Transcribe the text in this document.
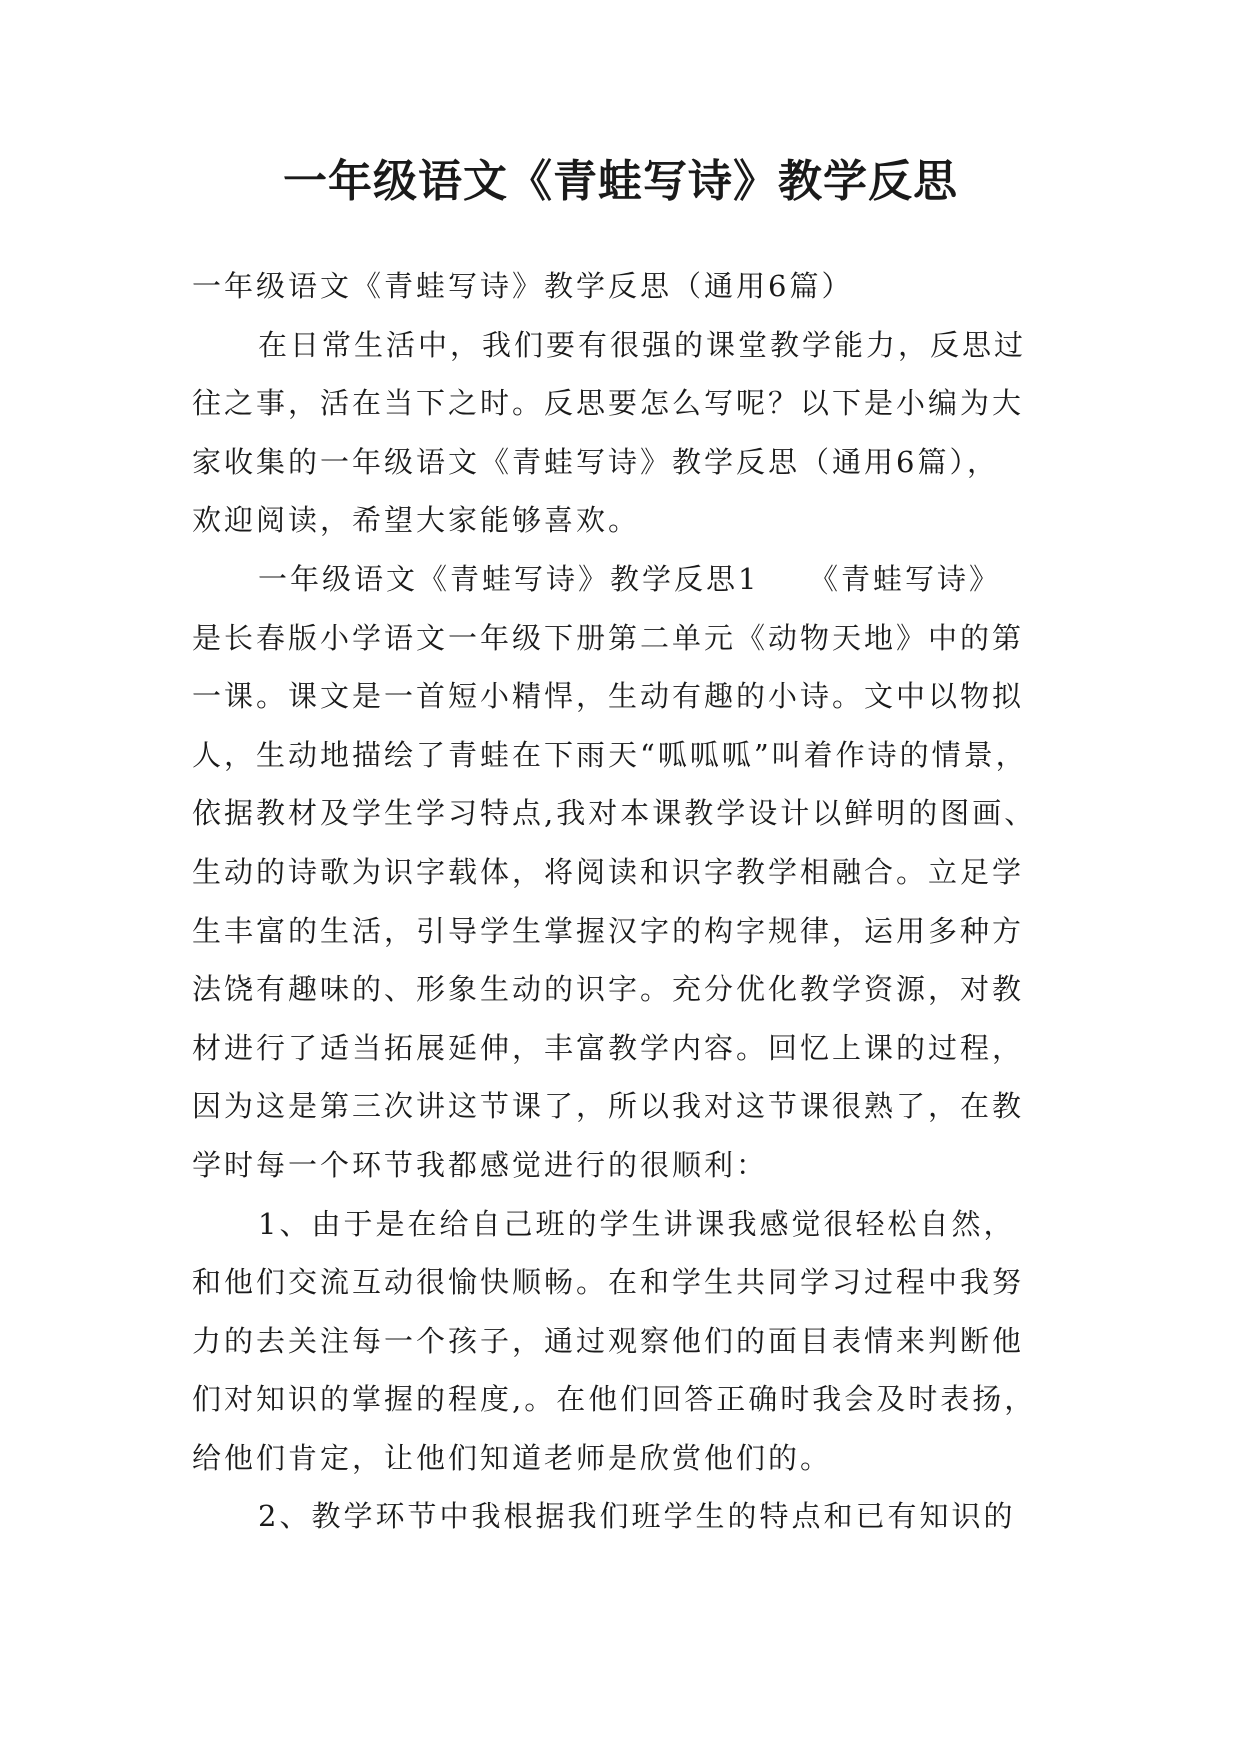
一年级语文《青蛙写诗》教学反思
一年级语文《青蛙写诗》教学反思（通用6篇）
在日常生活中，我们要有很强的课堂教学能力，反思过
往之事，活在当下之时。反思要怎么写呢？以下是小编为大
家收集的一年级语文《青蛙写诗》教学反思（通用6篇），
欢迎阅读，希望大家能够喜欢。
一年级语文《青蛙写诗》教学反思1　　《青蛙写诗》
是长春版小学语文一年级下册第二单元《动物天地》中的第
一课。课文是一首短小精悍，生动有趣的小诗。文中以物拟
人，生动地描绘了青蛙在下雨天“呱呱呱”叫着作诗的情景，
依据教材及学生学习特点,我对本课教学设计以鲜明的图画、
生动的诗歌为识字载体，将阅读和识字教学相融合。立足学
生丰富的生活，引导学生掌握汉字的构字规律，运用多种方
法饶有趣味的、形象生动的识字。充分优化教学资源，对教
材进行了适当拓展延伸，丰富教学内容。回忆上课的过程，
因为这是第三次讲这节课了，所以我对这节课很熟了，在教
学时每一个环节我都感觉进行的很顺利：
1、由于是在给自己班的学生讲课我感觉很轻松自然，
和他们交流互动很愉快顺畅。在和学生共同学习过程中我努
力的去关注每一个孩子，通过观察他们的面目表情来判断他
们对知识的掌握的程度,。在他们回答正确时我会及时表扬，
给他们肯定，让他们知道老师是欣赏他们的。
2、教学环节中我根据我们班学生的特点和已有知识的
